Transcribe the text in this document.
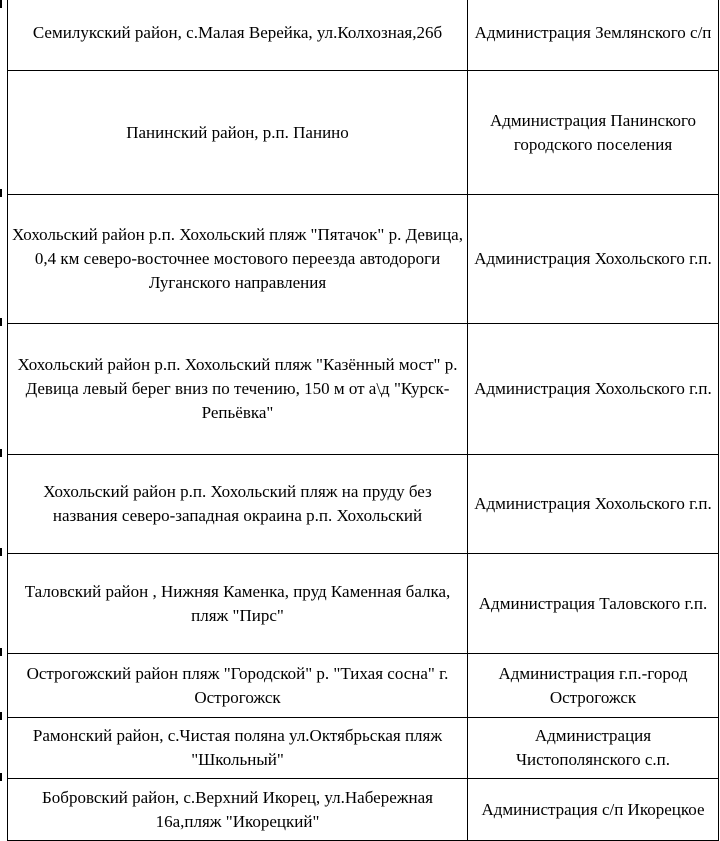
Семилукский район, с.Малая Верейка, ул.Колхозная,26б	Администрация Землянского с/п
Панинский район, р.п. Панино	Администрация Панинского городского поселения
Хохольский район р.п. Хохольский пляж "Пятачок" р. Девица, 0,4 км северо-восточнее мостового переезда автодороги Луганского направления	Администрация Хохольского г.п.
Хохольский район р.п. Хохольский пляж "Казённый мост" р. Девица левый берег вниз по течению, 150 м от а\д "Курск-Репьёвка"	Администрация Хохольского г.п.
Хохольский район р.п. Хохольский пляж на пруду без названия северо-западная окраина р.п. Хохольский	Администрация Хохольского г.п.
Таловский район , Нижняя Каменка, пруд Каменная балка, пляж "Пирс"	Администрация Таловского г.п.
Острогожский район пляж "Городской" р. "Тихая сосна" г. Острогожск	Администрация г.п.-город Острогожск
Рамонский район, с.Чистая поляна ул.Октябрьская пляж "Школьный"	Администрация Чистополянского с.п.
Бобровский район, с.Верхний Икорец, ул.Набережная 16а,пляж "Икорецкий"	Администрация с/п Икорецкое
